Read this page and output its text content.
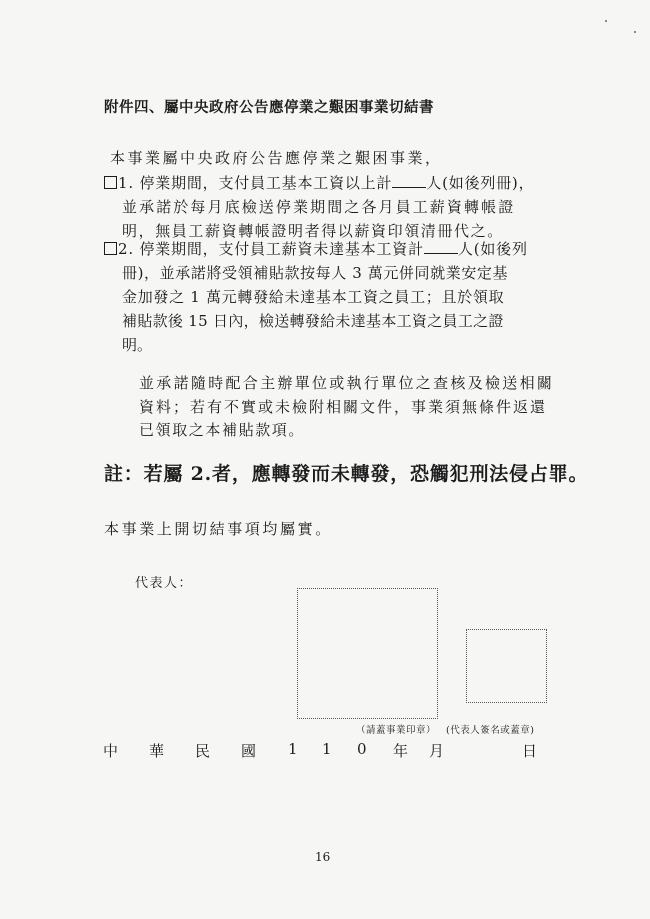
附件四、屬中央政府公告應停業之艱困事業切結書
本事業屬中央政府公告應停業之艱困事業，
1. 停業期間，支付員工基本工資以上計 人(如後列冊)，
並承諾於每月底檢送停業期間之各月員工薪資轉帳證
明，無員工薪資轉帳證明者得以薪資印領清冊代之。
2. 停業期間，支付員工薪資未達基本工資計 人(如後列
冊)，並承諾將受領補貼款按每人 3 萬元併同就業安定基
金加發之 1 萬元轉發給未達基本工資之員工；且於領取
補貼款後 15 日內，檢送轉發給未達基本工資之員工之證
明。
並承諾隨時配合主辦單位或執行單位之查核及檢送相關
資料；若有不實或未檢附相關文件，事業須無條件返還
已領取之本補貼款項。
註：若屬 2.者，應轉發而未轉發，恐觸犯刑法侵占罪。
本事業上開切結事項均屬實。
代表人：
（請蓋事業印章） (代表人簽名或蓋章)
中 華 民 國 1 1 0 年
月
	日
16
